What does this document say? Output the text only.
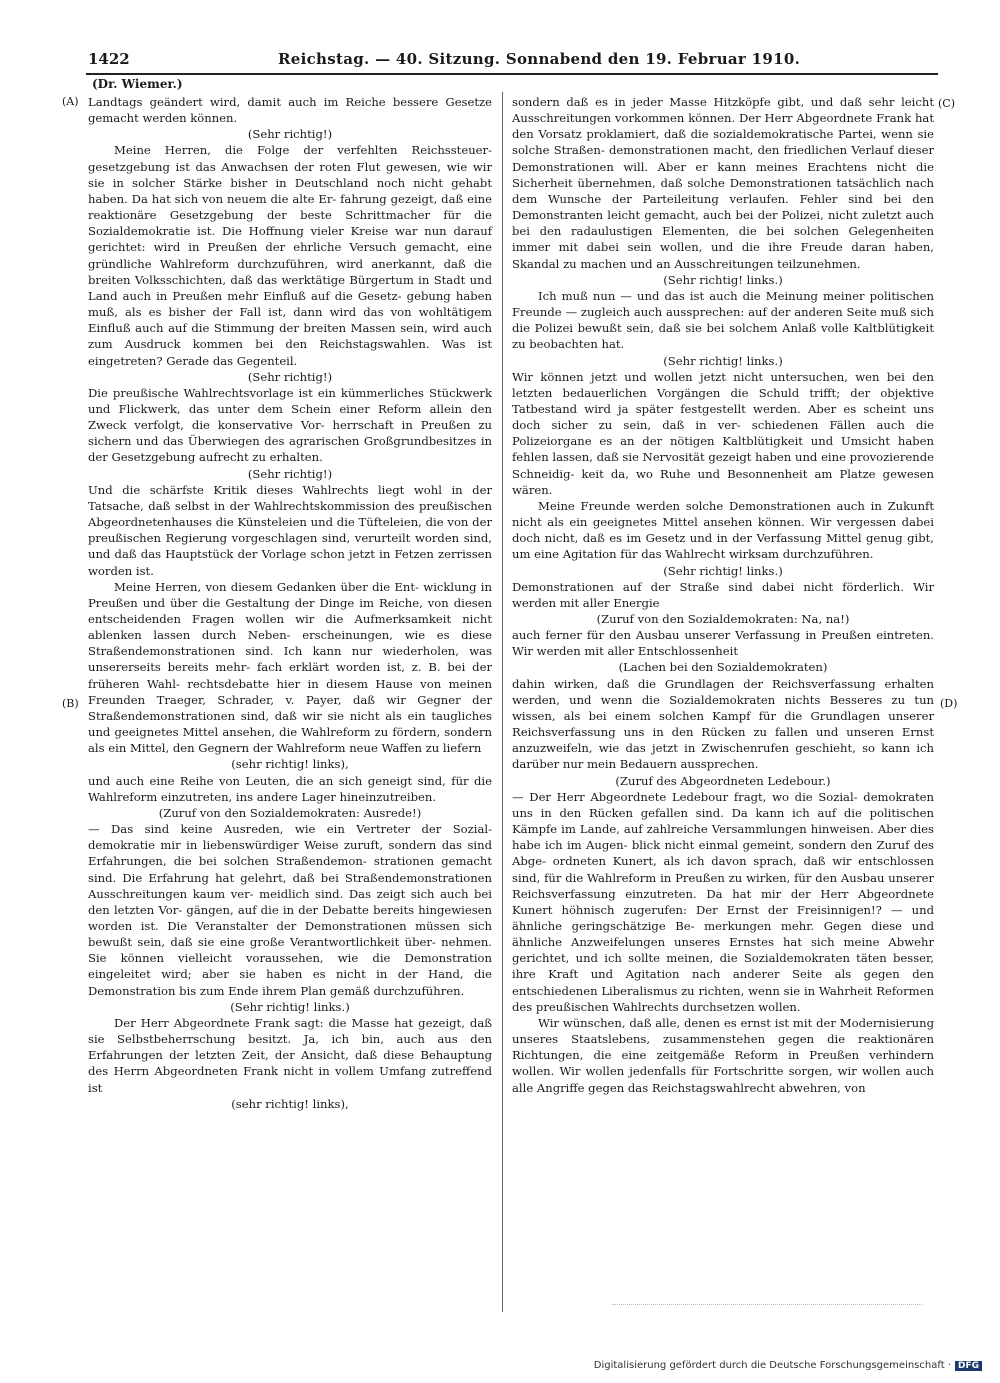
1422	Reichstag. — 40. Sitzung. Sonnabend den 19. Februar 1910.
(Dr. Wiemer.)
(A)
(B)
(C)
(D)

Landtags geändert wird, damit auch im Reiche bessere Gesetze gemacht werden können.

(Sehr richtig!)

Meine Herren, die Folge der verfehlten Reichssteuer- gesetzgebung ist das Anwachsen der roten Flut gewesen, wie wir sie in solcher Stärke bisher in Deutschland noch nicht gehabt haben. Da hat sich von neuem die alte Er- fahrung gezeigt, daß eine reaktionäre Gesetzgebung der beste Schrittmacher für die Sozialdemokratie ist. Die Hoffnung vieler Kreise war nun darauf gerichtet: wird in Preußen der ehrliche Versuch gemacht, eine gründliche Wahlreform durchzuführen, wird anerkannt, daß die breiten Volksschichten, daß das werktätige Bürgertum in Stadt und Land auch in Preußen mehr Einfluß auf die Gesetz- gebung haben muß, als es bisher der Fall ist, dann wird das von wohltätigem Einfluß auch auf die Stimmung der breiten Massen sein, wird auch zum Ausdruck kommen bei den Reichstagswahlen. Was ist eingetreten? Gerade das Gegenteil.

(Sehr richtig!)

Die preußische Wahlrechtsvorlage ist ein kümmerliches Stückwerk und Flickwerk, das unter dem Schein einer Reform allein den Zweck verfolgt, die konservative Vor- herrschaft in Preußen zu sichern und das Überwiegen des agrarischen Großgrundbesitzes in der Gesetzgebung aufrecht zu erhalten.

(Sehr richtig!)

Und die schärfste Kritik dieses Wahlrechts liegt wohl in der Tatsache, daß selbst in der Wahlrechtskommission des preußischen Abgeordnetenhauses die Künsteleien und die Tüfteleien, die von der preußischen Regierung vorgeschlagen sind, verurteilt worden sind, und daß das Hauptstück der Vorlage schon jetzt in Fetzen zerrissen worden ist.

Meine Herren, von diesem Gedanken über die Ent- wicklung in Preußen und über die Gestaltung der Dinge im Reiche, von diesen entscheidenden Fragen wollen wir die Aufmerksamkeit nicht ablenken lassen durch Neben- erscheinungen, wie es diese Straßendemonstrationen sind. Ich kann nur wiederholen, was unsererseits bereits mehr- fach erklärt worden ist, z. B. bei der früheren Wahl- rechtsdebatte hier in diesem Hause von meinen Freunden Traeger, Schrader, v. Payer, daß wir Gegner der Straßendemonstrationen sind, daß wir sie nicht als ein taugliches und geeignetes Mittel ansehen, die Wahlreform zu fördern, sondern als ein Mittel, den Gegnern der Wahlreform neue Waffen zu liefern

(sehr richtig! links),

und auch eine Reihe von Leuten, die an sich geneigt sind, für die Wahlreform einzutreten, ins andere Lager hineinzutreiben.

(Zuruf von den Sozialdemokraten: Ausrede!)

— Das sind keine Ausreden, wie ein Vertreter der Sozial- demokratie mir in liebenswürdiger Weise zuruft, sondern das sind Erfahrungen, die bei solchen Straßendemon- strationen gemacht sind. Die Erfahrung hat gelehrt, daß bei Straßendemonstrationen Ausschreitungen kaum ver- meidlich sind. Das zeigt sich auch bei den letzten Vor- gängen, auf die in der Debatte bereits hingewiesen worden ist. Die Veranstalter der Demonstrationen müssen sich bewußt sein, daß sie eine große Verantwortlichkeit über- nehmen. Sie können vielleicht voraussehen, wie die Demonstration eingeleitet wird; aber sie haben es nicht in der Hand, die Demonstration bis zum Ende ihrem Plan gemäß durchzuführen.

(Sehr richtig! links.)

Der Herr Abgeordnete Frank sagt: die Masse hat gezeigt, daß sie Selbstbeherrschung besitzt. Ja, ich bin, auch aus den Erfahrungen der letzten Zeit, der Ansicht, daß diese Behauptung des Herrn Abgeordneten Frank nicht in vollem Umfang zutreffend ist

(sehr richtig! links),

sondern daß es in jeder Masse Hitzköpfe gibt, und daß sehr leicht Ausschreitungen vorkommen können. Der Herr Abgeordnete Frank hat den Vorsatz proklamiert, daß die sozialdemokratische Partei, wenn sie solche Straßen- demonstrationen macht, den friedlichen Verlauf dieser Demonstrationen will. Aber er kann meines Erachtens nicht die Sicherheit übernehmen, daß solche Demonstrationen tatsächlich nach dem Wunsche der Parteileitung verlaufen. Fehler sind bei den Demonstranten leicht gemacht, auch bei der Polizei, nicht zuletzt auch bei den radaulustigen Elementen, die bei solchen Gelegenheiten immer mit dabei sein wollen, und die ihre Freude daran haben, Skandal zu machen und an Ausschreitungen teilzunehmen.

(Sehr richtig! links.)

Ich muß nun — und das ist auch die Meinung meiner politischen Freunde — zugleich auch aussprechen: auf der anderen Seite muß sich die Polizei bewußt sein, daß sie bei solchem Anlaß volle Kaltblütigkeit zu beobachten hat.

(Sehr richtig! links.)

Wir können jetzt und wollen jetzt nicht untersuchen, wen bei den letzten bedauerlichen Vorgängen die Schuld trifft; der objektive Tatbestand wird ja später festgestellt werden. Aber es scheint uns doch sicher zu sein, daß in ver- schiedenen Fällen auch die Polizeiorgane es an der nötigen Kaltblütigkeit und Umsicht haben fehlen lassen, daß sie Nervosität gezeigt haben und eine provozierende Schneidig- keit da, wo Ruhe und Besonnenheit am Platze gewesen wären.

Meine Freunde werden solche Demonstrationen auch in Zukunft nicht als ein geeignetes Mittel ansehen können. Wir vergessen dabei doch nicht, daß es im Gesetz und in der Verfassung Mittel genug gibt, um eine Agitation für das Wahlrecht wirksam durchzuführen.

(Sehr richtig! links.)

Demonstrationen auf der Straße sind dabei nicht förderlich. Wir werden mit aller Energie

(Zuruf von den Sozialdemokraten: Na, na!)

auch ferner für den Ausbau unserer Verfassung in Preußen eintreten. Wir werden mit aller Entschlossenheit

(Lachen bei den Sozialdemokraten)

dahin wirken, daß die Grundlagen der Reichsverfassung erhalten werden, und wenn die Sozialdemokraten nichts Besseres zu tun wissen, als bei einem solchen Kampf für die Grundlagen unserer Reichsverfassung uns in den Rücken zu fallen und unseren Ernst anzuzweifeln, wie das jetzt in Zwischenrufen geschieht, so kann ich darüber nur mein Bedauern aussprechen.

(Zuruf des Abgeordneten Ledebour.)

— Der Herr Abgeordnete Ledebour fragt, wo die Sozial- demokraten uns in den Rücken gefallen sind. Da kann ich auf die politischen Kämpfe im Lande, auf zahlreiche Versammlungen hinweisen. Aber dies habe ich im Augen- blick nicht einmal gemeint, sondern den Zuruf des Abge- ordneten Kunert, als ich davon sprach, daß wir entschlossen sind, für die Wahlreform in Preußen zu wirken, für den Ausbau unserer Reichsverfassung einzutreten. Da hat mir der Herr Abgeordnete Kunert höhnisch zugerufen: Der Ernst der Freisinnigen!? — und ähnliche geringschätzige Be- merkungen mehr. Gegen diese und ähnliche Anzweifelungen unseres Ernstes hat sich meine Abwehr gerichtet, und ich sollte meinen, die Sozialdemokraten täten besser, ihre Kraft und Agitation nach anderer Seite als gegen den entschiedenen Liberalismus zu richten, wenn sie in Wahrheit Reformen des preußischen Wahlrechts durchsetzen wollen.

Wir wünschen, daß alle, denen es ernst ist mit der Modernisierung unseres Staatslebens, zusammenstehen gegen die reaktionären Richtungen, die eine zeitgemäße Reform in Preußen verhindern wollen. Wir wollen jedenfalls für Fortschritte sorgen, wir wollen auch alle Angriffe gegen das Reichstagswahlrecht abwehren, von

Digitalisierung gefördert durch die Deutsche Forschungsgemeinschaft · DFG
